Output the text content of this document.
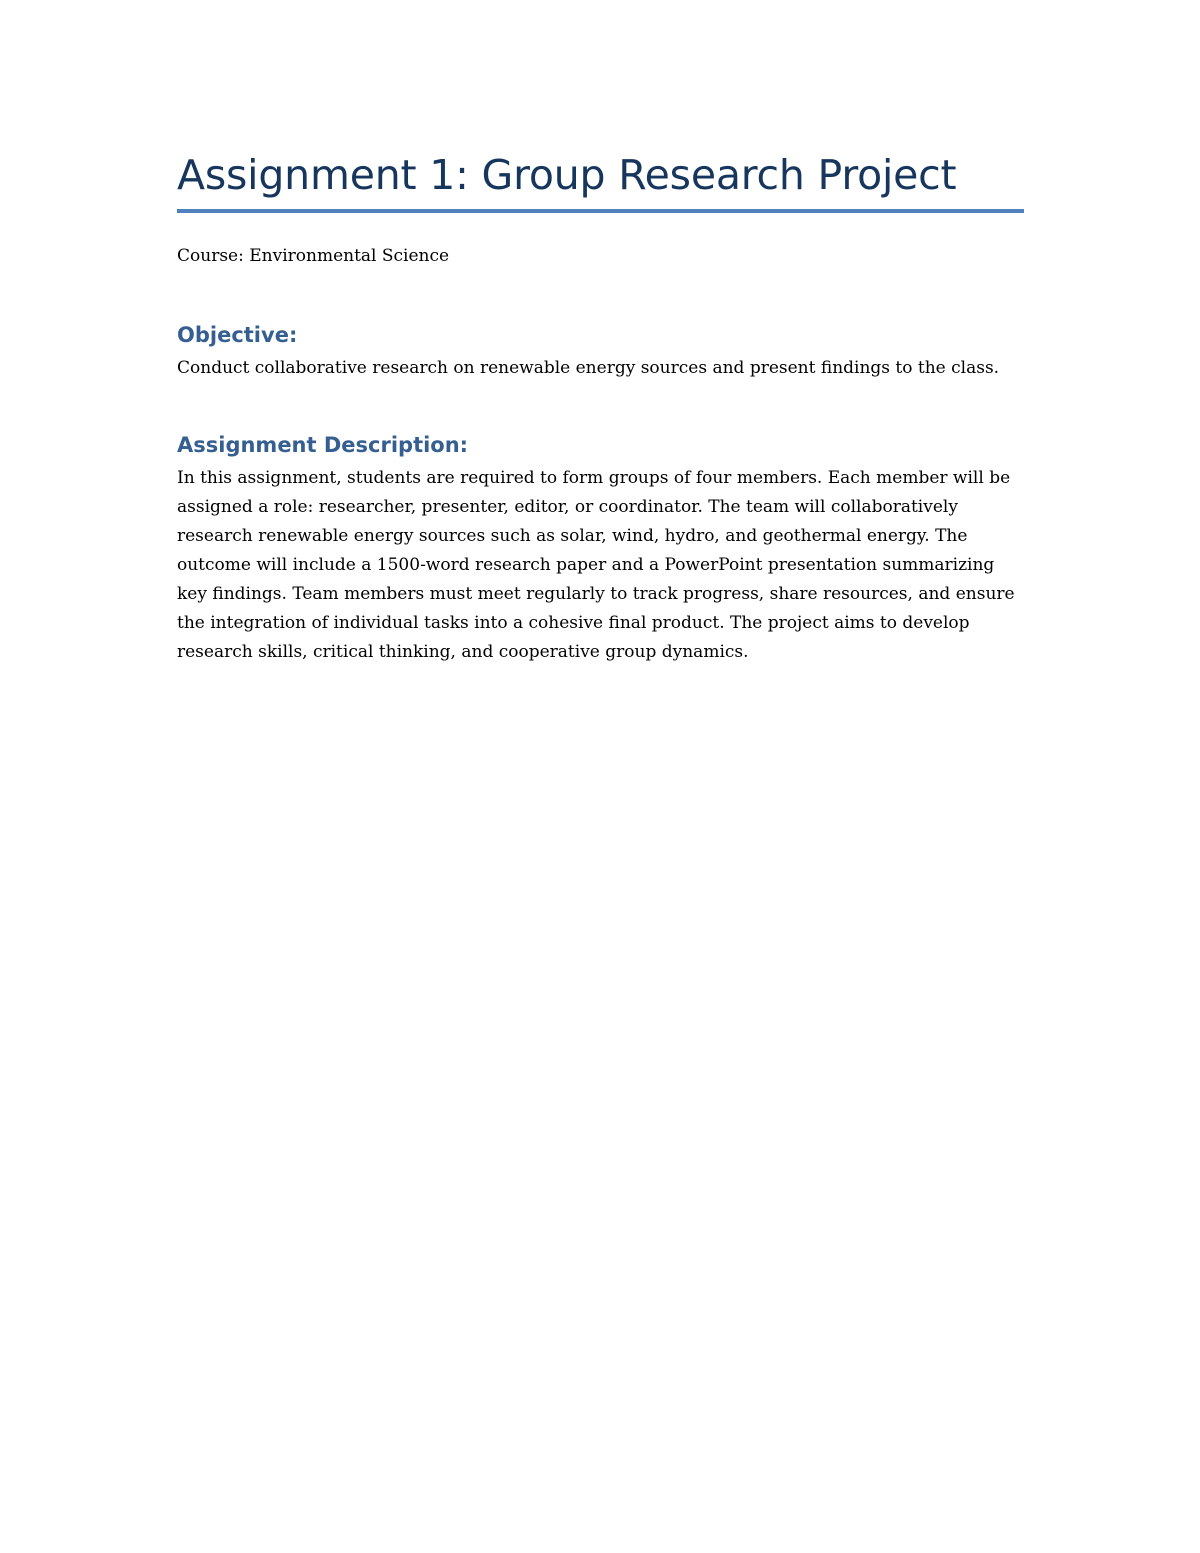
Assignment 1: Group Research Project

Course: Environmental Science

Objective:

Conduct collaborative research on renewable energy sources and present findings to the class.

Assignment Description:

In this assignment, students are required to form groups of four members. Each member will be assigned a role: researcher, presenter, editor, or coordinator. The team will collaboratively research renewable energy sources such as solar, wind, hydro, and geothermal energy. The outcome will include a 1500-word research paper and a PowerPoint presentation summarizing key findings. Team members must meet regularly to track progress, share resources, and ensure the integration of individual tasks into a cohesive final product. The project aims to develop research skills, critical thinking, and cooperative group dynamics.
